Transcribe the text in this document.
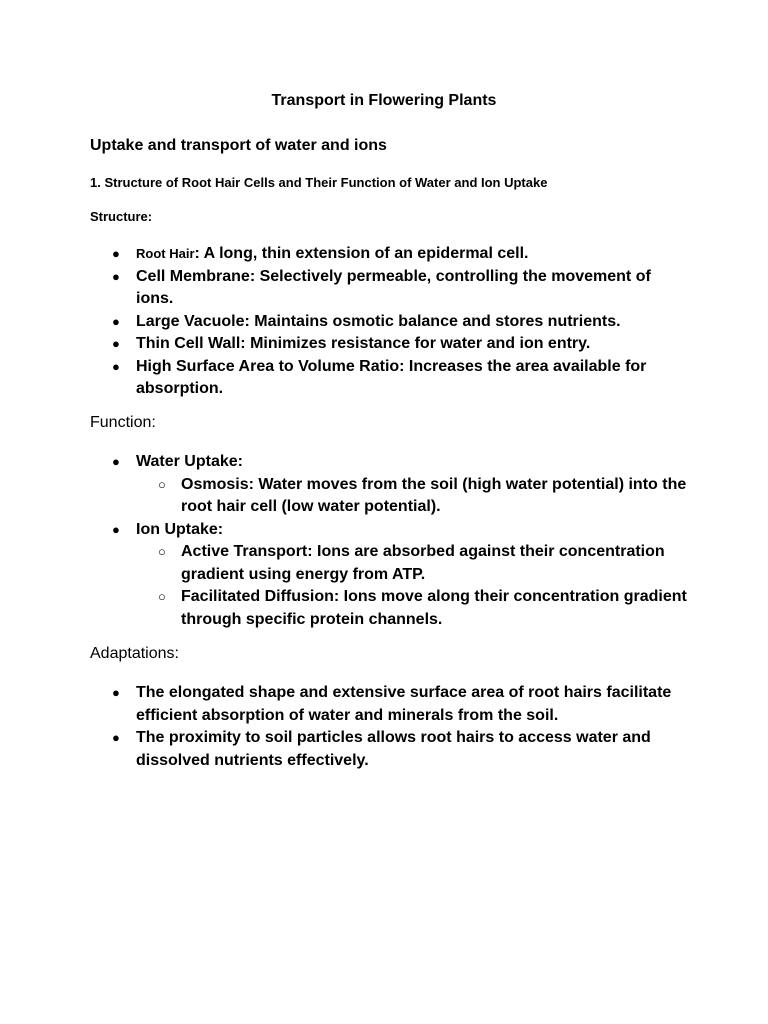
Transport in Flowering Plants
Uptake and transport of water and ions
1. Structure of Root Hair Cells and Their Function of Water and Ion Uptake
Structure:
● Root Hair: A long, thin extension of an epidermal cell.
● Cell Membrane: Selectively permeable, controlling the movement of ions.
● Large Vacuole: Maintains osmotic balance and stores nutrients.
● Thin Cell Wall: Minimizes resistance for water and ion entry.
● High Surface Area to Volume Ratio: Increases the area available for absorption.
Function:
● Water Uptake:
○ Osmosis: Water moves from the soil (high water potential) into the root hair cell (low water potential).
● Ion Uptake:
○ Active Transport: Ions are absorbed against their concentration gradient using energy from ATP.
○ Facilitated Diffusion: Ions move along their concentration gradient through specific protein channels.
Adaptations:
● The elongated shape and extensive surface area of root hairs facilitate efficient absorption of water and minerals from the soil.
● The proximity to soil particles allows root hairs to access water and dissolved nutrients effectively.
